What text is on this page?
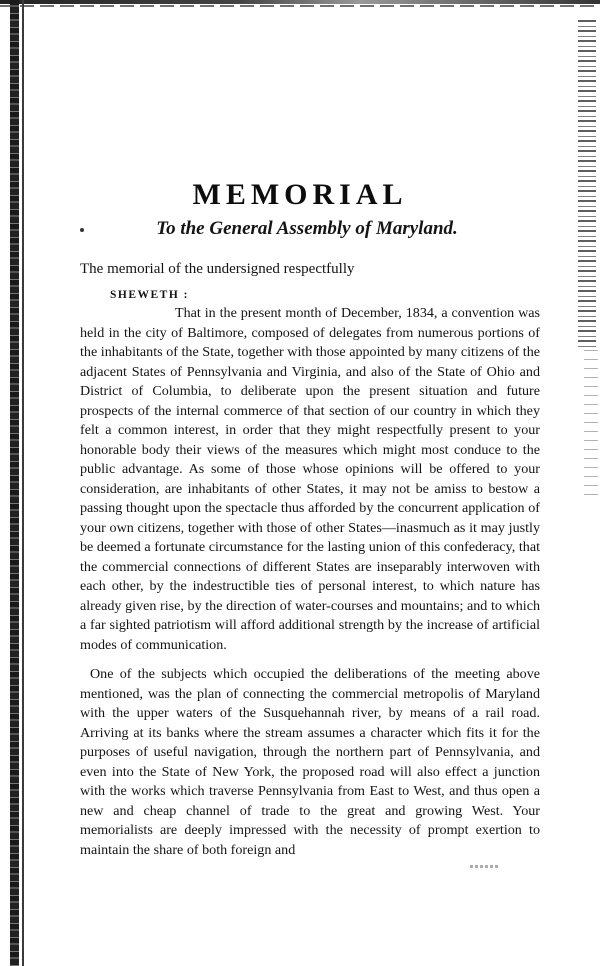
MEMORIAL
To the General Assembly of Maryland.
The memorial of the undersigned respectfully
SHEWETH :

That in the present month of December, 1834, a convention was held in the city of Baltimore, composed of delegates from numerous portions of the inhabitants of the State, together with those appointed by many citizens of the adjacent States of Pennsylvania and Virginia, and also of the State of Ohio and District of Columbia, to deliberate upon the present situation and future prospects of the internal commerce of that section of our country in which they felt a common interest, in order that they might respectfully present to your honorable body their views of the measures which might most conduce to the public advantage. As some of those whose opinions will be offered to your consideration, are inhabitants of other States, it may not be amiss to bestow a passing thought upon the spectacle thus afforded by the concurrent application of your own citizens, together with those of other States—inasmuch as it may justly be deemed a fortunate circumstance for the lasting union of this confederacy, that the commercial connections of different States are inseparably interwoven with each other, by the indestructible ties of personal interest, to which nature has already given rise, by the direction of water-courses and mountains; and to which a far sighted patriotism will afford additional strength by the increase of artificial modes of communication.

One of the subjects which occupied the deliberations of the meeting above mentioned, was the plan of connecting the commercial metropolis of Maryland with the upper waters of the Susquehannah river, by means of a rail road. Arriving at its banks where the stream assumes a character which fits it for the purposes of useful navigation, through the northern part of Pennsylvania, and even into the State of New York, the proposed road will also effect a junction with the works which traverse Pennsylvania from East to West, and thus open a new and cheap channel of trade to the great and growing West. Your memorialists are deeply impressed with the necessity of prompt exertion to maintain the share of both foreign and
